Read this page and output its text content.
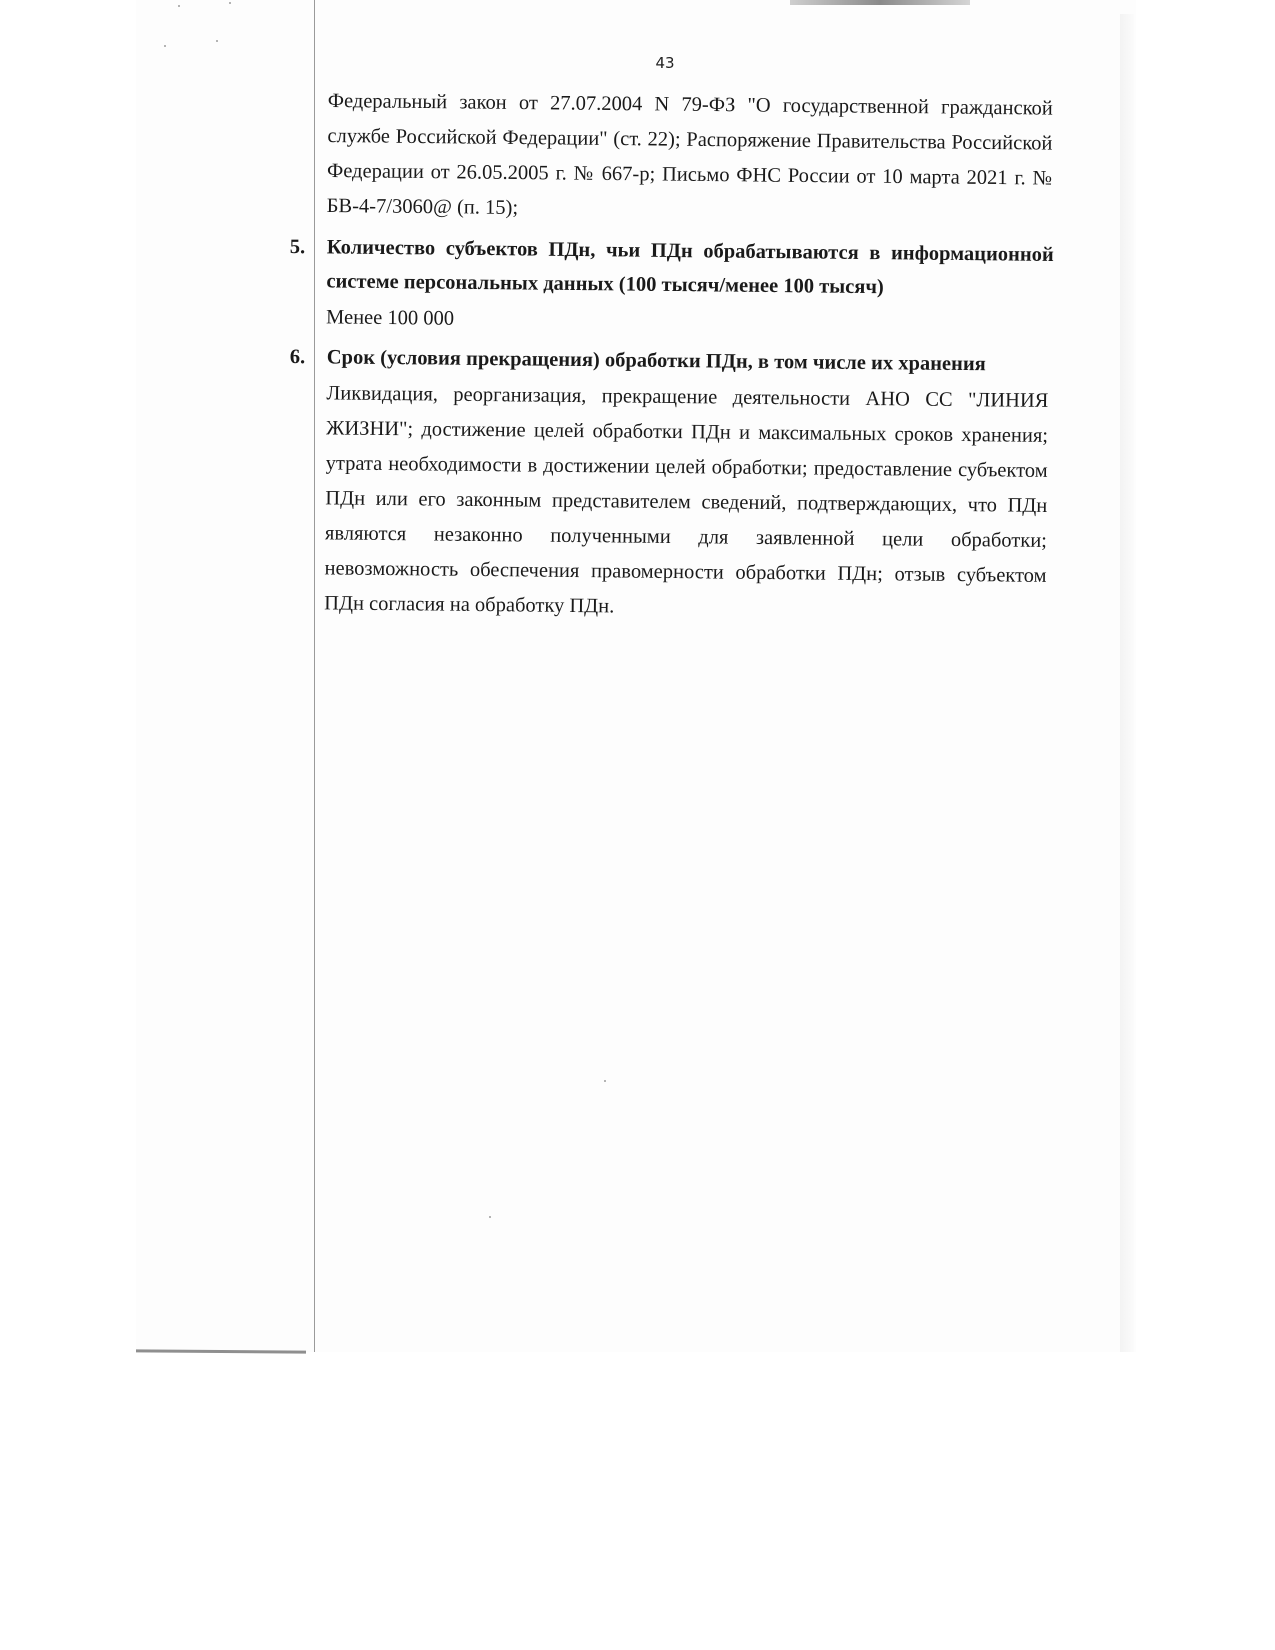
43
Федеральный закон от 27.07.2004 N 79-ФЗ "О государственной гражданской службе Российской Федерации" (ст. 22); Распоряжение Правительства Российской Федерации от 26.05.2005 г. № 667-р; Письмо ФНС России от 10 марта 2021 г. № БВ-4-7/3060@ (п. 15);
5. Количество субъектов ПДн, чьи ПДн обрабатываются в информационной системе персональных данных (100 тысяч/менее 100 тысяч)
Менее 100 000
6. Срок (условия прекращения) обработки ПДн, в том числе их хранения
Ликвидация, реорганизация, прекращение деятельности АНО СС "ЛИНИЯ ЖИЗНИ"; достижение целей обработки ПДн и максимальных сроков хранения; утрата необходимости в достижении целей обработки; предоставление субъектом ПДн или его законным представителем сведений, подтверждающих, что ПДн являются незаконно полученными для заявленной цели обработки; невозможность обеспечения правомерности обработки ПДн; отзыв субъектом ПДн согласия на обработку ПДн.
